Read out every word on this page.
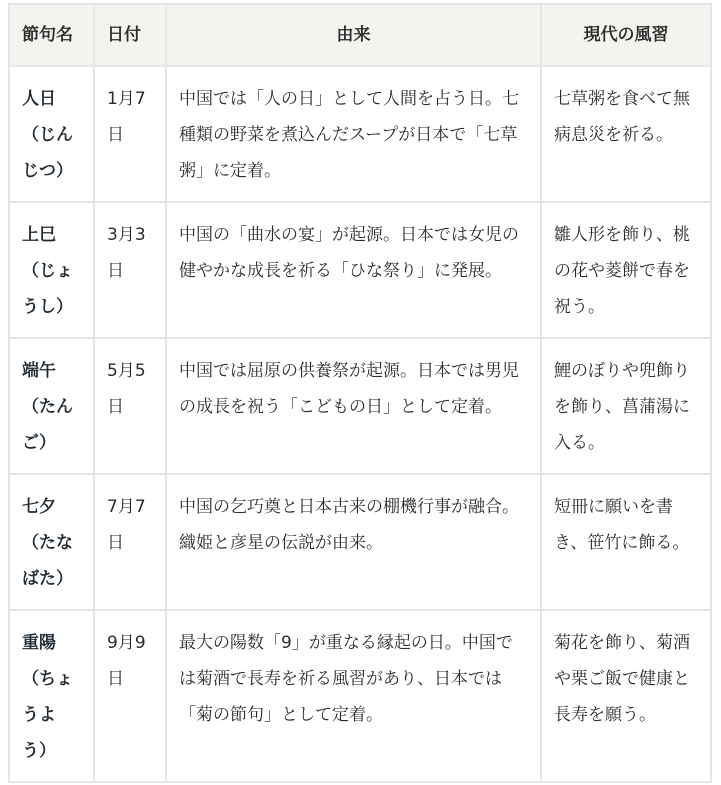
節句名	日付	由来	現代の風習
人日（じんじつ）	1月7日	中国では「人の日」として人間を占う日。七種類の野菜を煮込んだスープが日本で「七草粥」に定着。	七草粥を食べて無病息災を祈る。
上巳（じょうし）	3月3日	中国の「曲水の宴」が起源。日本では女児の健やかな成長を祈る「ひな祭り」に発展。	雛人形を飾り、桃の花や菱餅で春を祝う。
端午（たんご）	5月5日	中国では屈原の供養祭が起源。日本では男児の成長を祝う「こどもの日」として定着。	鯉のぼりや兜飾りを飾り、菖蒲湯に入る。
七夕（たなばた）	7月7日	中国の乞巧奠と日本古来の棚機行事が融合。織姫と彦星の伝説が由来。	短冊に願いを書き、笹竹に飾る。
重陽（ちょうよう）	9月9日	最大の陽数「9」が重なる縁起の日。中国では菊酒で長寿を祈る風習があり、日本では「菊の節句」として定着。	菊花を飾り、菊酒や栗ご飯で健康と長寿を願う。
